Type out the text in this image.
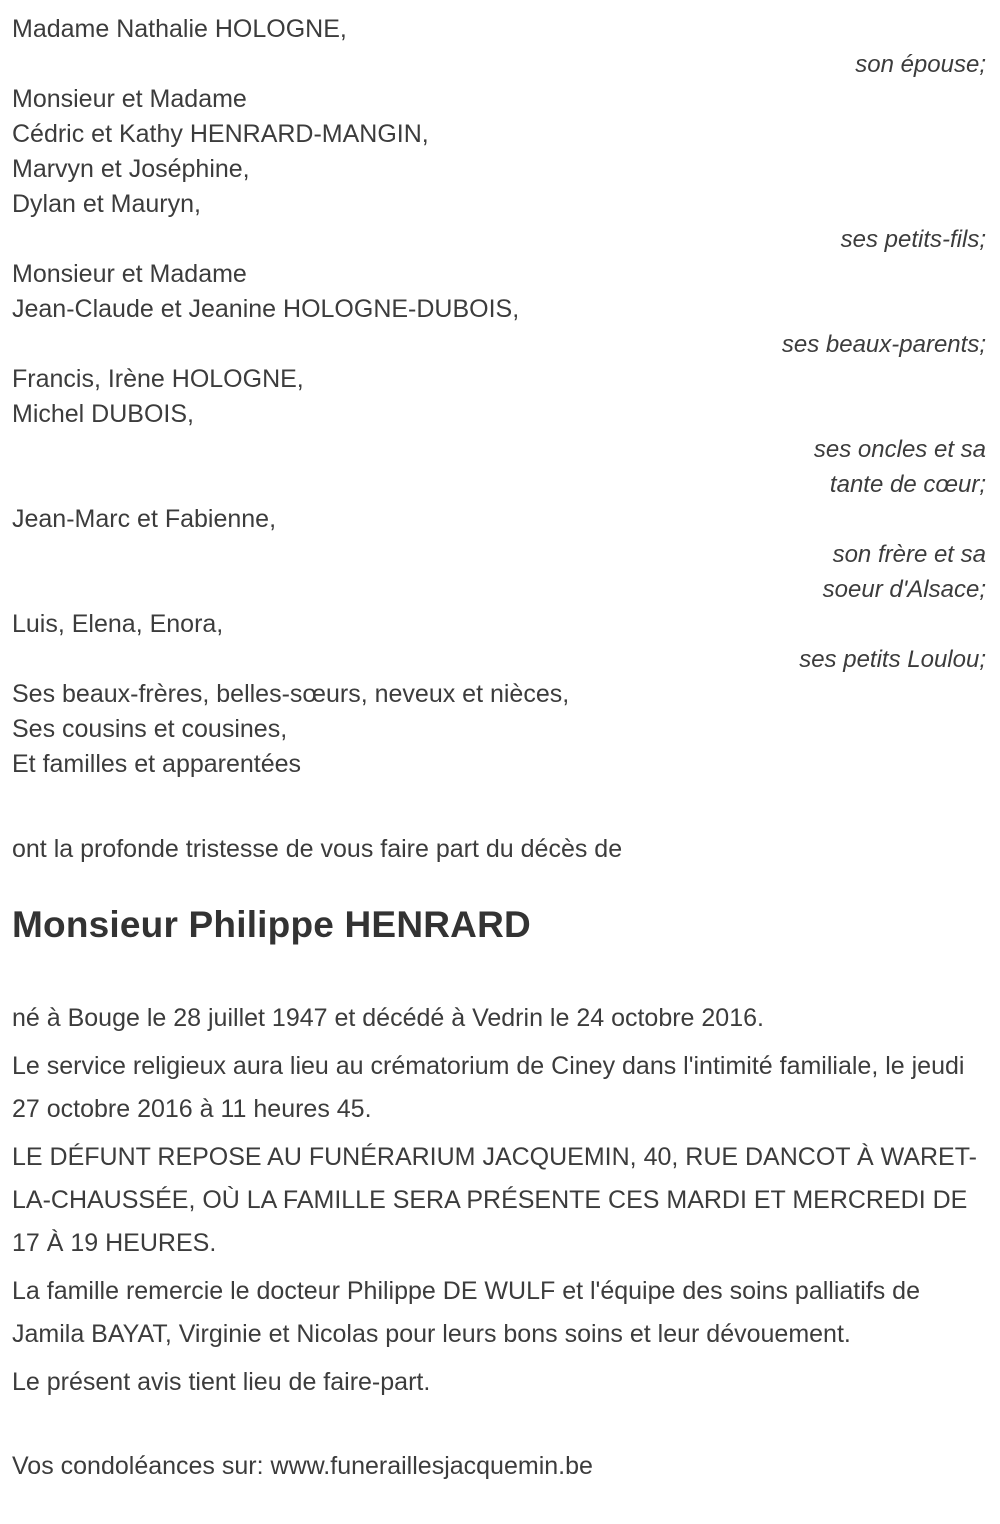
Madame Nathalie HOLOGNE,
son épouse;
Monsieur et Madame
Cédric et Kathy HENRARD-MANGIN,
Marvyn et Joséphine,
Dylan et Mauryn,
ses petits-fils;
Monsieur et Madame
Jean-Claude et Jeanine HOLOGNE-DUBOIS,
ses beaux-parents;
Francis, Irène HOLOGNE,
Michel DUBOIS,
ses oncles et sa
tante de cœur;
Jean-Marc et Fabienne,
son frère et sa
soeur d'Alsace;
Luis, Elena, Enora,
ses petits Loulou;
Ses beaux-frères, belles-sœurs, neveux et nièces,
Ses cousins et cousines,
Et familles et apparentées

ont la profonde tristesse de vous faire part du décès de

Monsieur Philippe HENRARD

né à Bouge le 28 juillet 1947 et décédé à Vedrin le 24 octobre 2016.

Le service religieux aura lieu au crématorium de Ciney dans l'intimité familiale, le jeudi 27 octobre 2016 à 11 heures 45.

LE DÉFUNT REPOSE AU FUNÉRARIUM JACQUEMIN, 40, RUE DANCOT À WARET-LA-CHAUSSÉE, OÙ LA FAMILLE SERA PRÉSENTE CES MARDI ET MERCREDI DE 17 À 19 HEURES.

La famille remercie le docteur Philippe DE WULF et l'équipe des soins palliatifs de Jamila BAYAT, Virginie et Nicolas pour leurs bons soins et leur dévouement.

Le présent avis tient lieu de faire-part.

Vos condoléances sur: www.funeraillesjacquemin.be
